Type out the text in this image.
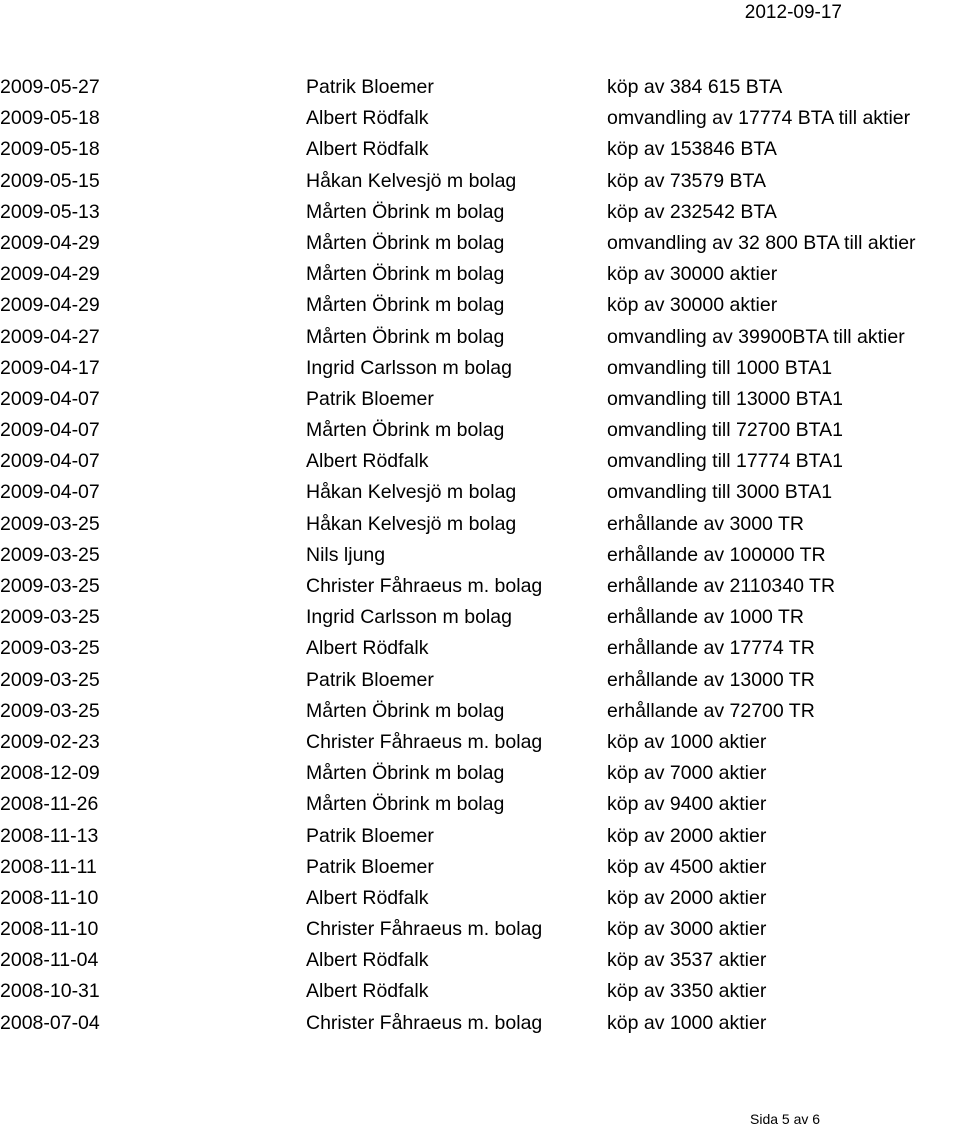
2012-09-17
2009-05-27	Patrik Bloemer	köp av 384 615 BTA
2009-05-18	Albert Rödfalk	omvandling av 17774 BTA till aktier
2009-05-18	Albert Rödfalk	köp av 153846 BTA
2009-05-15	Håkan Kelvesjö m bolag	köp av 73579 BTA
2009-05-13	Mårten Öbrink m bolag	köp av 232542 BTA
2009-04-29	Mårten Öbrink m bolag	omvandling av 32 800 BTA till aktier
2009-04-29	Mårten Öbrink m bolag	köp av 30000 aktier
2009-04-29	Mårten Öbrink m bolag	köp av 30000 aktier
2009-04-27	Mårten Öbrink m bolag	omvandling av 39900BTA till aktier
2009-04-17	Ingrid Carlsson m bolag	omvandling till 1000 BTA1
2009-04-07	Patrik Bloemer	omvandling till 13000 BTA1
2009-04-07	Mårten Öbrink m bolag	omvandling till 72700 BTA1
2009-04-07	Albert Rödfalk	omvandling till 17774 BTA1
2009-04-07	Håkan Kelvesjö m bolag	omvandling till 3000 BTA1
2009-03-25	Håkan Kelvesjö m bolag	erhållande av 3000 TR
2009-03-25	Nils ljung	erhållande av 100000 TR
2009-03-25	Christer Fåhraeus m. bolag	erhållande av 2110340 TR
2009-03-25	Ingrid Carlsson m bolag	erhållande av 1000 TR
2009-03-25	Albert Rödfalk	erhållande av 17774 TR
2009-03-25	Patrik Bloemer	erhållande av 13000 TR
2009-03-25	Mårten Öbrink m bolag	erhållande av 72700 TR
2009-02-23	Christer Fåhraeus m. bolag	köp av 1000 aktier
2008-12-09	Mårten Öbrink m bolag	köp av 7000 aktier
2008-11-26	Mårten Öbrink m bolag	köp av 9400 aktier
2008-11-13	Patrik Bloemer	köp av 2000 aktier
2008-11-11	Patrik Bloemer	köp av 4500 aktier
2008-11-10	Albert Rödfalk	köp av 2000 aktier
2008-11-10	Christer Fåhraeus m. bolag	köp av 3000 aktier
2008-11-04	Albert Rödfalk	köp av 3537 aktier
2008-10-31	Albert Rödfalk	köp av 3350 aktier
2008-07-04	Christer Fåhraeus m. bolag	köp av 1000 aktier
Sida 5 av 6
